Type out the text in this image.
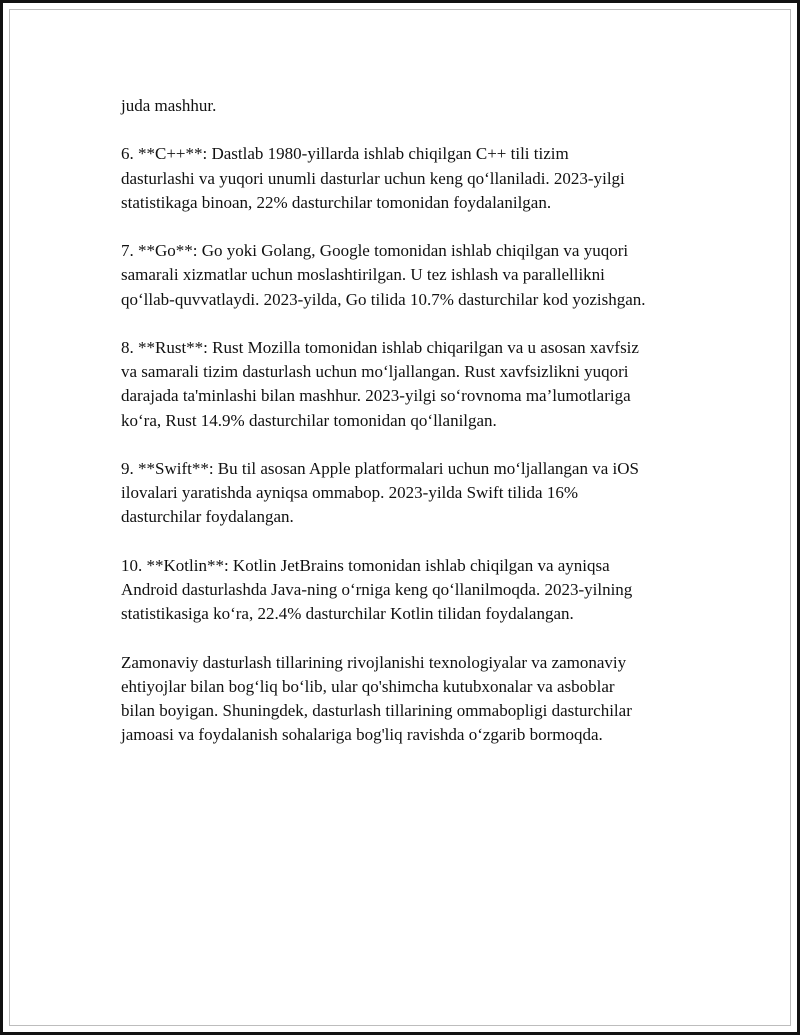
juda mashhur.

6. **C++**: Dastlab 1980-yillarda ishlab chiqilgan C++ tili tizim
dasturlashi va yuqori unumli dasturlar uchun keng qo‘llaniladi. 2023-yilgi
statistikaga binoan, 22% dasturchilar tomonidan foydalanilgan.

7. **Go**: Go yoki Golang, Google tomonidan ishlab chiqilgan va yuqori
samarali xizmatlar uchun moslashtirilgan. U tez ishlash va parallellikni
qo‘llab-quvvatlaydi. 2023-yilda, Go tilida 10.7% dasturchilar kod yozishgan.

8. **Rust**: Rust Mozilla tomonidan ishlab chiqarilgan va u asosan xavfsiz
va samarali tizim dasturlash uchun mo‘ljallangan. Rust xavfsizlikni yuqori
darajada ta'minlashi bilan mashhur. 2023-yilgi so‘rovnoma ma’lumotlariga
ko‘ra, Rust 14.9% dasturchilar tomonidan qo‘llanilgan.

9. **Swift**: Bu til asosan Apple platformalari uchun mo‘ljallangan va iOS
ilovalari yaratishda ayniqsa ommabop. 2023-yilda Swift tilida 16%
dasturchilar foydalangan.

10. **Kotlin**: Kotlin JetBrains tomonidan ishlab chiqilgan va ayniqsa
Android dasturlashda Java-ning o‘rniga keng qo‘llanilmoqda. 2023-yilning
statistikasiga ko‘ra, 22.4% dasturchilar Kotlin tilidan foydalangan.

Zamonaviy dasturlash tillarining rivojlanishi texnologiyalar va zamonaviy
ehtiyojlar bilan bog‘liq bo‘lib, ular qo'shimcha kutubxonalar va asboblar
bilan boyigan. Shuningdek, dasturlash tillarining ommabopligi dasturchilar
jamoasi va foydalanish sohalariga bog'liq ravishda o‘zgarib bormoqda.
